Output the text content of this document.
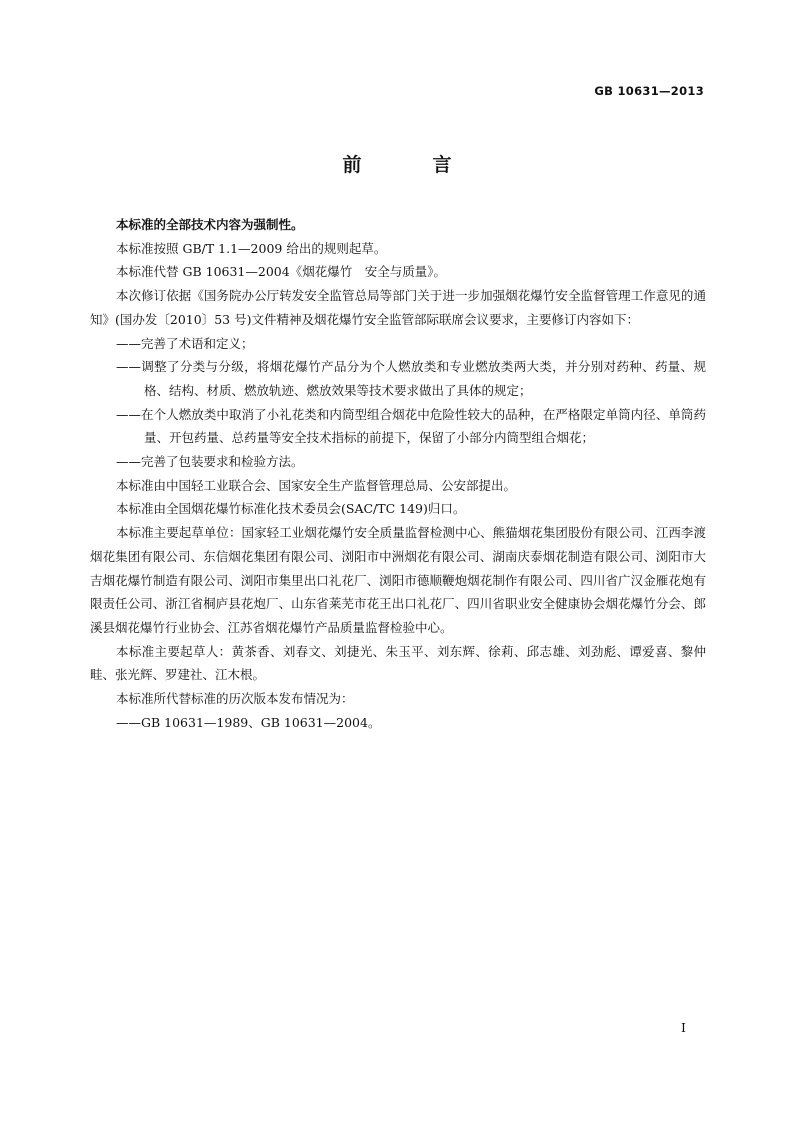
GB 10631—2013
前　言

本标准的全部技术内容为强制性。

本标准按照 GB/T 1.1—2009 给出的规则起草。

本标准代替 GB 10631—2004《烟花爆竹　安全与质量》。

本次修订依据《国务院办公厅转发安全监管总局等部门关于进一步加强烟花爆竹安全监督管理工作意见的通知》(国办发〔2010〕53 号)文件精神及烟花爆竹安全监管部际联席会议要求，主要修订内容如下：

——完善了术语和定义；

——调整了分类与分级，将烟花爆竹产品分为个人燃放类和专业燃放类两大类，并分别对药种、药量、规格、结构、材质、燃放轨迹、燃放效果等技术要求做出了具体的规定；

——在个人燃放类中取消了小礼花类和内筒型组合烟花中危险性较大的品种，在严格限定单筒内径、单筒药量、开包药量、总药量等安全技术指标的前提下，保留了小部分内筒型组合烟花；

——完善了包装要求和检验方法。

本标准由中国轻工业联合会、国家安全生产监督管理总局、公安部提出。

本标准由全国烟花爆竹标准化技术委员会(SAC/TC 149)归口。

本标准主要起草单位：国家轻工业烟花爆竹安全质量监督检测中心、熊猫烟花集团股份有限公司、江西李渡烟花集团有限公司、东信烟花集团有限公司、浏阳市中洲烟花有限公司、湖南庆泰烟花制造有限公司、浏阳市大吉烟花爆竹制造有限公司、浏阳市集里出口礼花厂、浏阳市德顺鞭炮烟花制作有限公司、四川省广汉金雁花炮有限责任公司、浙江省桐庐县花炮厂、山东省莱芜市花王出口礼花厂、四川省职业安全健康协会烟花爆竹分会、郎溪县烟花爆竹行业协会、江苏省烟花爆竹产品质量监督检验中心。

本标准主要起草人：黄茶香、刘春文、刘捷光、朱玉平、刘东辉、徐莉、邱志雄、刘劲彪、谭爱喜、黎仲畦、张光辉、罗建社、江木根。

本标准所代替标准的历次版本发布情况为：

——GB 10631—1989、GB 10631—2004。

I
